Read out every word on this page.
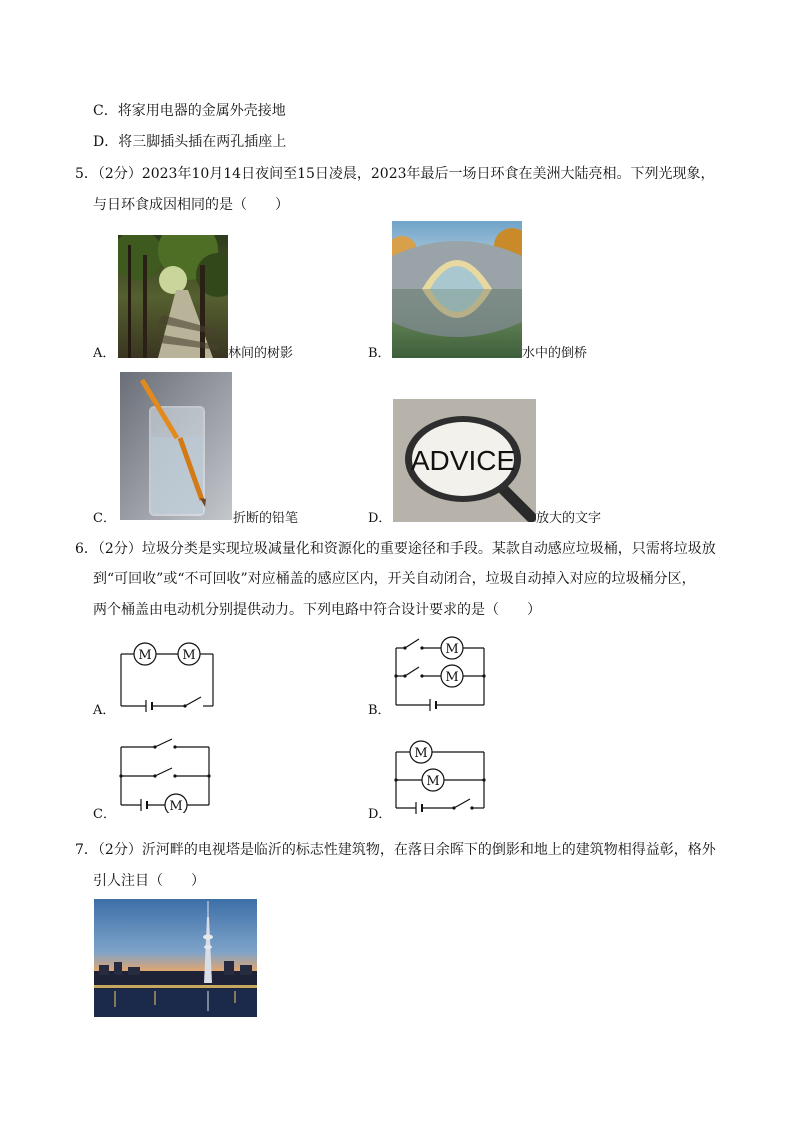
C．将家用电器的金属外壳接地
D．将三脚插头插在两孔插座上
5．（2分）2023年10月14日夜间至15日凌晨，2023年最后一场日环食在美洲大陆亮相。下列光现象，
与日环食成因相同的是（　　）
A．	林间的树影	B．	水中的倒桥
C．	折断的铅笔	D．
ADVICE
放大的文字
6．（2分）垃圾分类是实现垃圾减量化和资源化的重要途径和手段。某款自动感应垃圾桶，只需将垃圾放
到“可回收”或“不可回收”对应桶盖的感应区内，开关自动闭合，垃圾自动掉入对应的垃圾桶分区，
两个桶盖由电动机分别提供动力。下列电路中符合设计要求的是（　　）
A．
M M
B．
M
M
C．
M
D．
M
M
7．（2分）沂河畔的电视塔是临沂的标志性建筑物，在落日余晖下的倒影和地上的建筑物相得益彰，格外
引人注目（　　）
